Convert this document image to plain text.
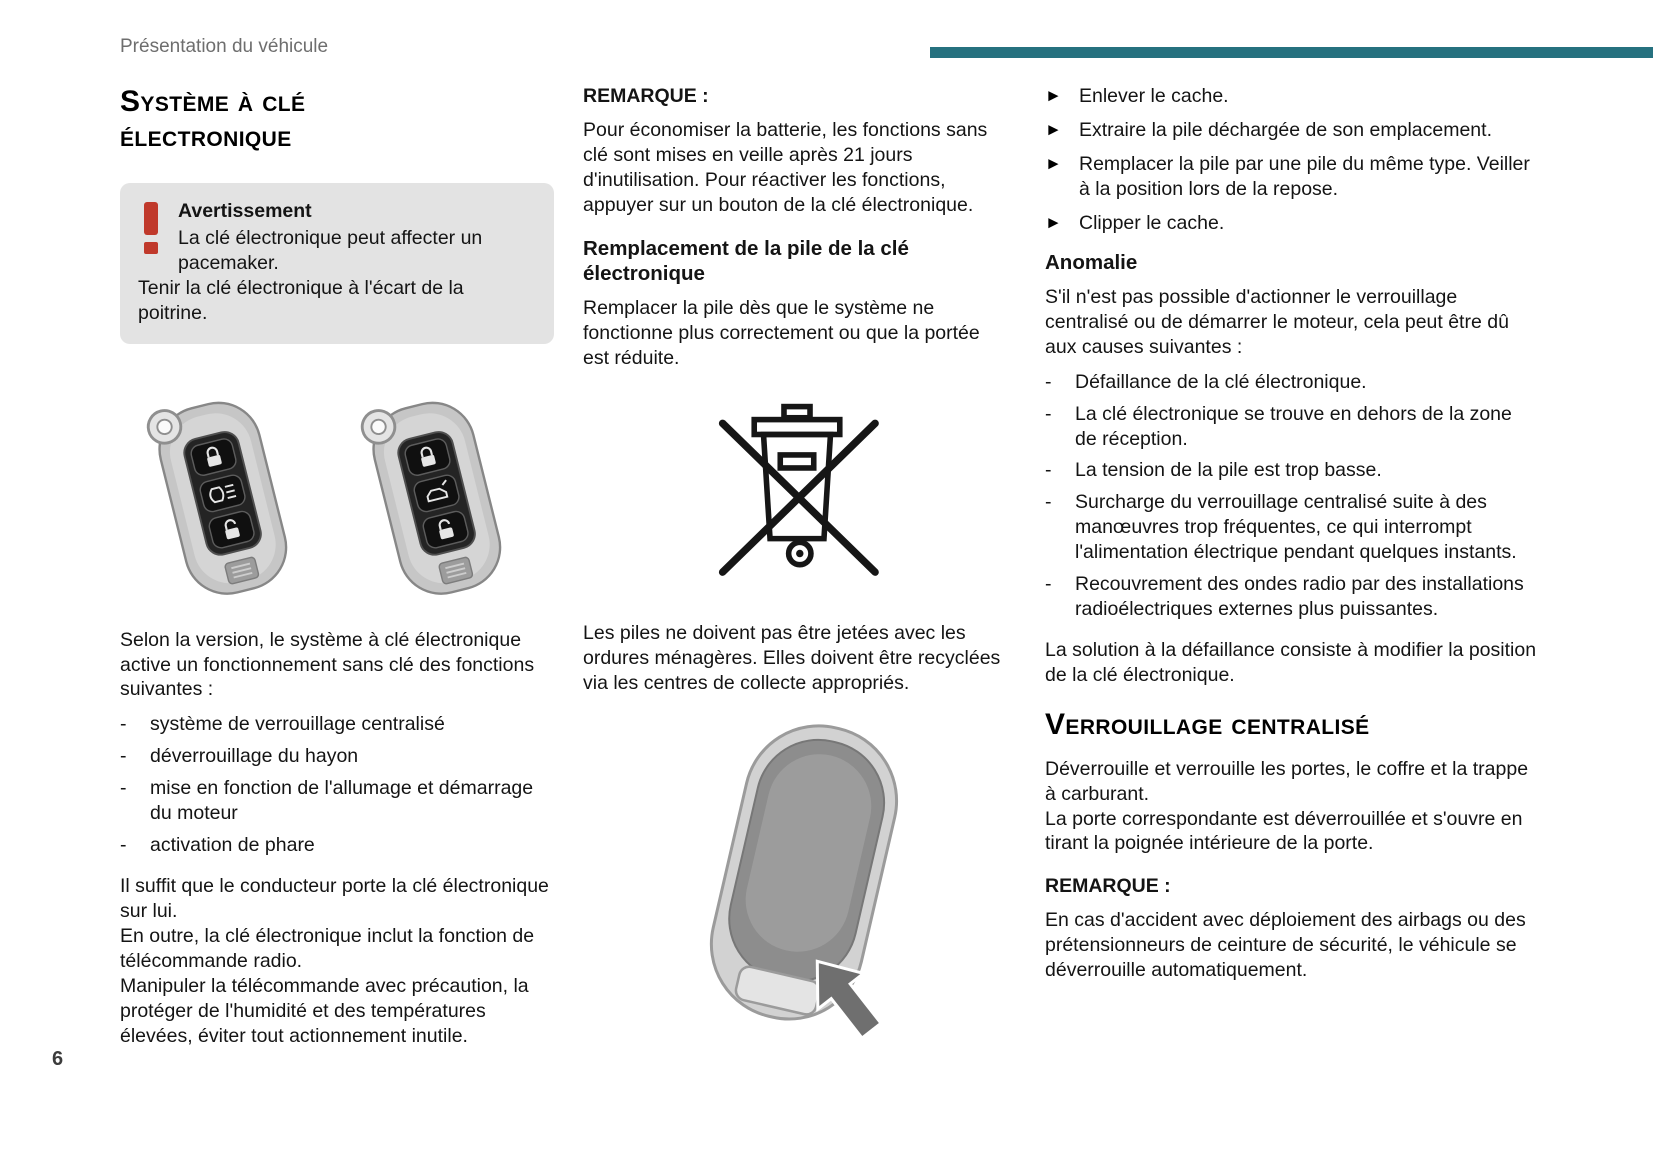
Présentation du véhicule
Système à clé électronique

Avertissement

La clé électronique peut affecter un pacemaker.

Tenir la clé électronique à l'écart de la poitrine.

Selon la version, le système à clé électronique active un fonctionnement sans clé des fonctions suivantes :

-	système de verrouillage centralisé
-	déverrouillage du hayon
-	mise en fonction de l'allumage et démarrage du moteur
-	activation de phare

Il suffit que le conducteur porte la clé électronique sur lui.

En outre, la clé électronique inclut la fonction de télécommande radio.

Manipuler la télécommande avec précaution, la protéger de l'humidité et des températures élevées, éviter tout actionnement inutile.

REMARQUE :

Pour économiser la batterie, les fonctions sans clé sont mises en veille après 21 jours d'inutilisation. Pour réactiver les fonctions, appuyer sur un bouton de la clé électronique.

Remplacement de la pile de la clé électronique

Remplacer la pile dès que le système ne fonctionne plus correctement ou que la portée est réduite.

Les piles ne doivent pas être jetées avec les ordures ménagères. Elles doivent être recyclées via les centres de collecte appropriés.

► Enlever le cache.
► Extraire la pile déchargée de son emplacement.
► Remplacer la pile par une pile du même type. Veiller à la position lors de la repose.
► Clipper le cache.

Anomalie

S'il n'est pas possible d'actionner le verrouillage centralisé ou de démarrer le moteur, cela peut être dû aux causes suivantes :

-	Défaillance de la clé électronique.
-	La clé électronique se trouve en dehors de la zone de réception.
-	La tension de la pile est trop basse.
-	Surcharge du verrouillage centralisé suite à des manœuvres trop fréquentes, ce qui interrompt l'alimentation électrique pendant quelques instants.
-	Recouvrement des ondes radio par des installations radioélectriques externes plus puissantes.

La solution à la défaillance consiste à modifier la position de la clé électronique.

Verrouillage centralisé

Déverrouille et verrouille les portes, le coffre et la trappe à carburant.

La porte correspondante est déverrouillée et s'ouvre en tirant la poignée intérieure de la porte.

REMARQUE :

En cas d'accident avec déploiement des airbags ou des prétensionneurs de ceinture de sécurité, le véhicule se déverrouille automatiquement.

6
